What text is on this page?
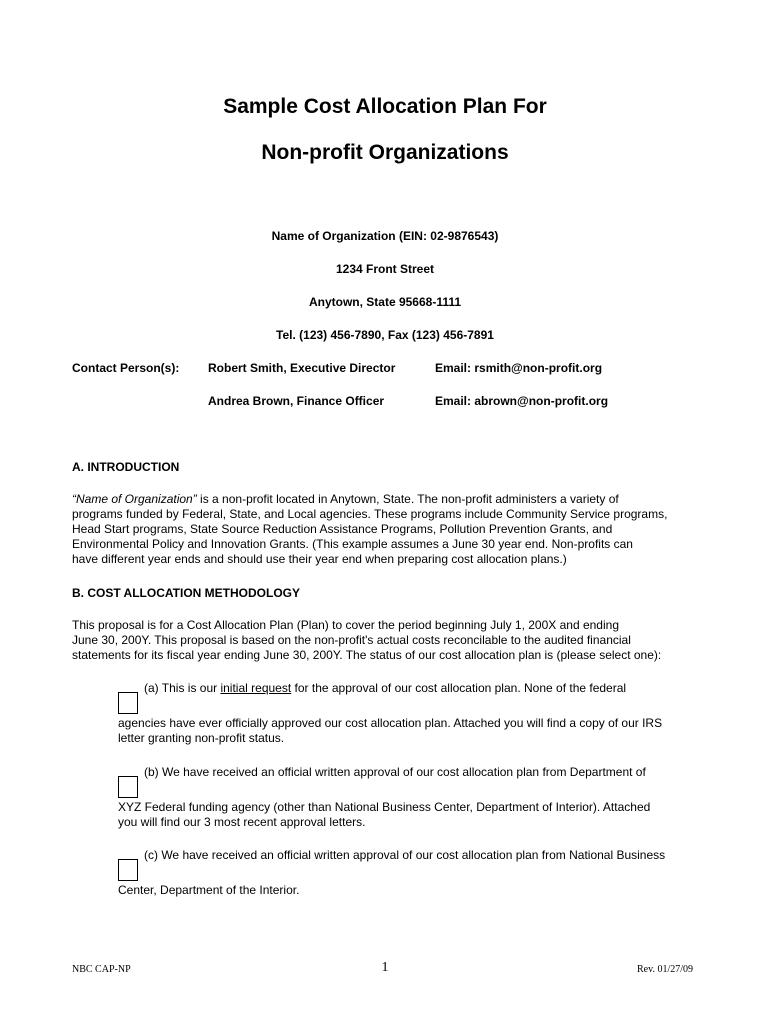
Sample Cost Allocation Plan For
Non-profit Organizations
Name of Organization (EIN: 02-9876543)
1234 Front Street
Anytown, State 95668-1111
Tel. (123) 456-7890, Fax (123) 456-7891
Contact Person(s): Robert Smith, Executive Director	Email: rsmith@non-profit.org
Andrea Brown, Finance Officer	Email: abrown@non-profit.org
A. INTRODUCTION
“Name of Organization” is a non-profit located in Anytown, State. The non-profit administers a variety of
programs funded by Federal, State, and Local agencies. These programs include Community Service programs,
Head Start programs, State Source Reduction Assistance Programs, Pollution Prevention Grants, and
Environmental Policy and Innovation Grants. (This example assumes a June 30 year end. Non-profits can
have different year ends and should use their year end when preparing cost allocation plans.)
B. COST ALLOCATION METHODOLOGY
This proposal is for a Cost Allocation Plan (Plan) to cover the period beginning July 1, 200X and ending
June 30, 200Y. This proposal is based on the non-profit's actual costs reconcilable to the audited financial
statements for its fiscal year ending June 30, 200Y. The status of our cost allocation plan is (please select one):
(a) This is our initial request for the approval of our cost allocation plan. None of the federal
agencies have ever officially approved our cost allocation plan. Attached you will find a copy of our IRS
letter granting non-profit status.
(b) We have received an official written approval of our cost allocation plan from Department of
XYZ Federal funding agency (other than National Business Center, Department of Interior). Attached
you will find our 3 most recent approval letters.
(c) We have received an official written approval of our cost allocation plan from National Business
Center, Department of the Interior.
NBC CAP-NP	1	Rev. 01/27/09
